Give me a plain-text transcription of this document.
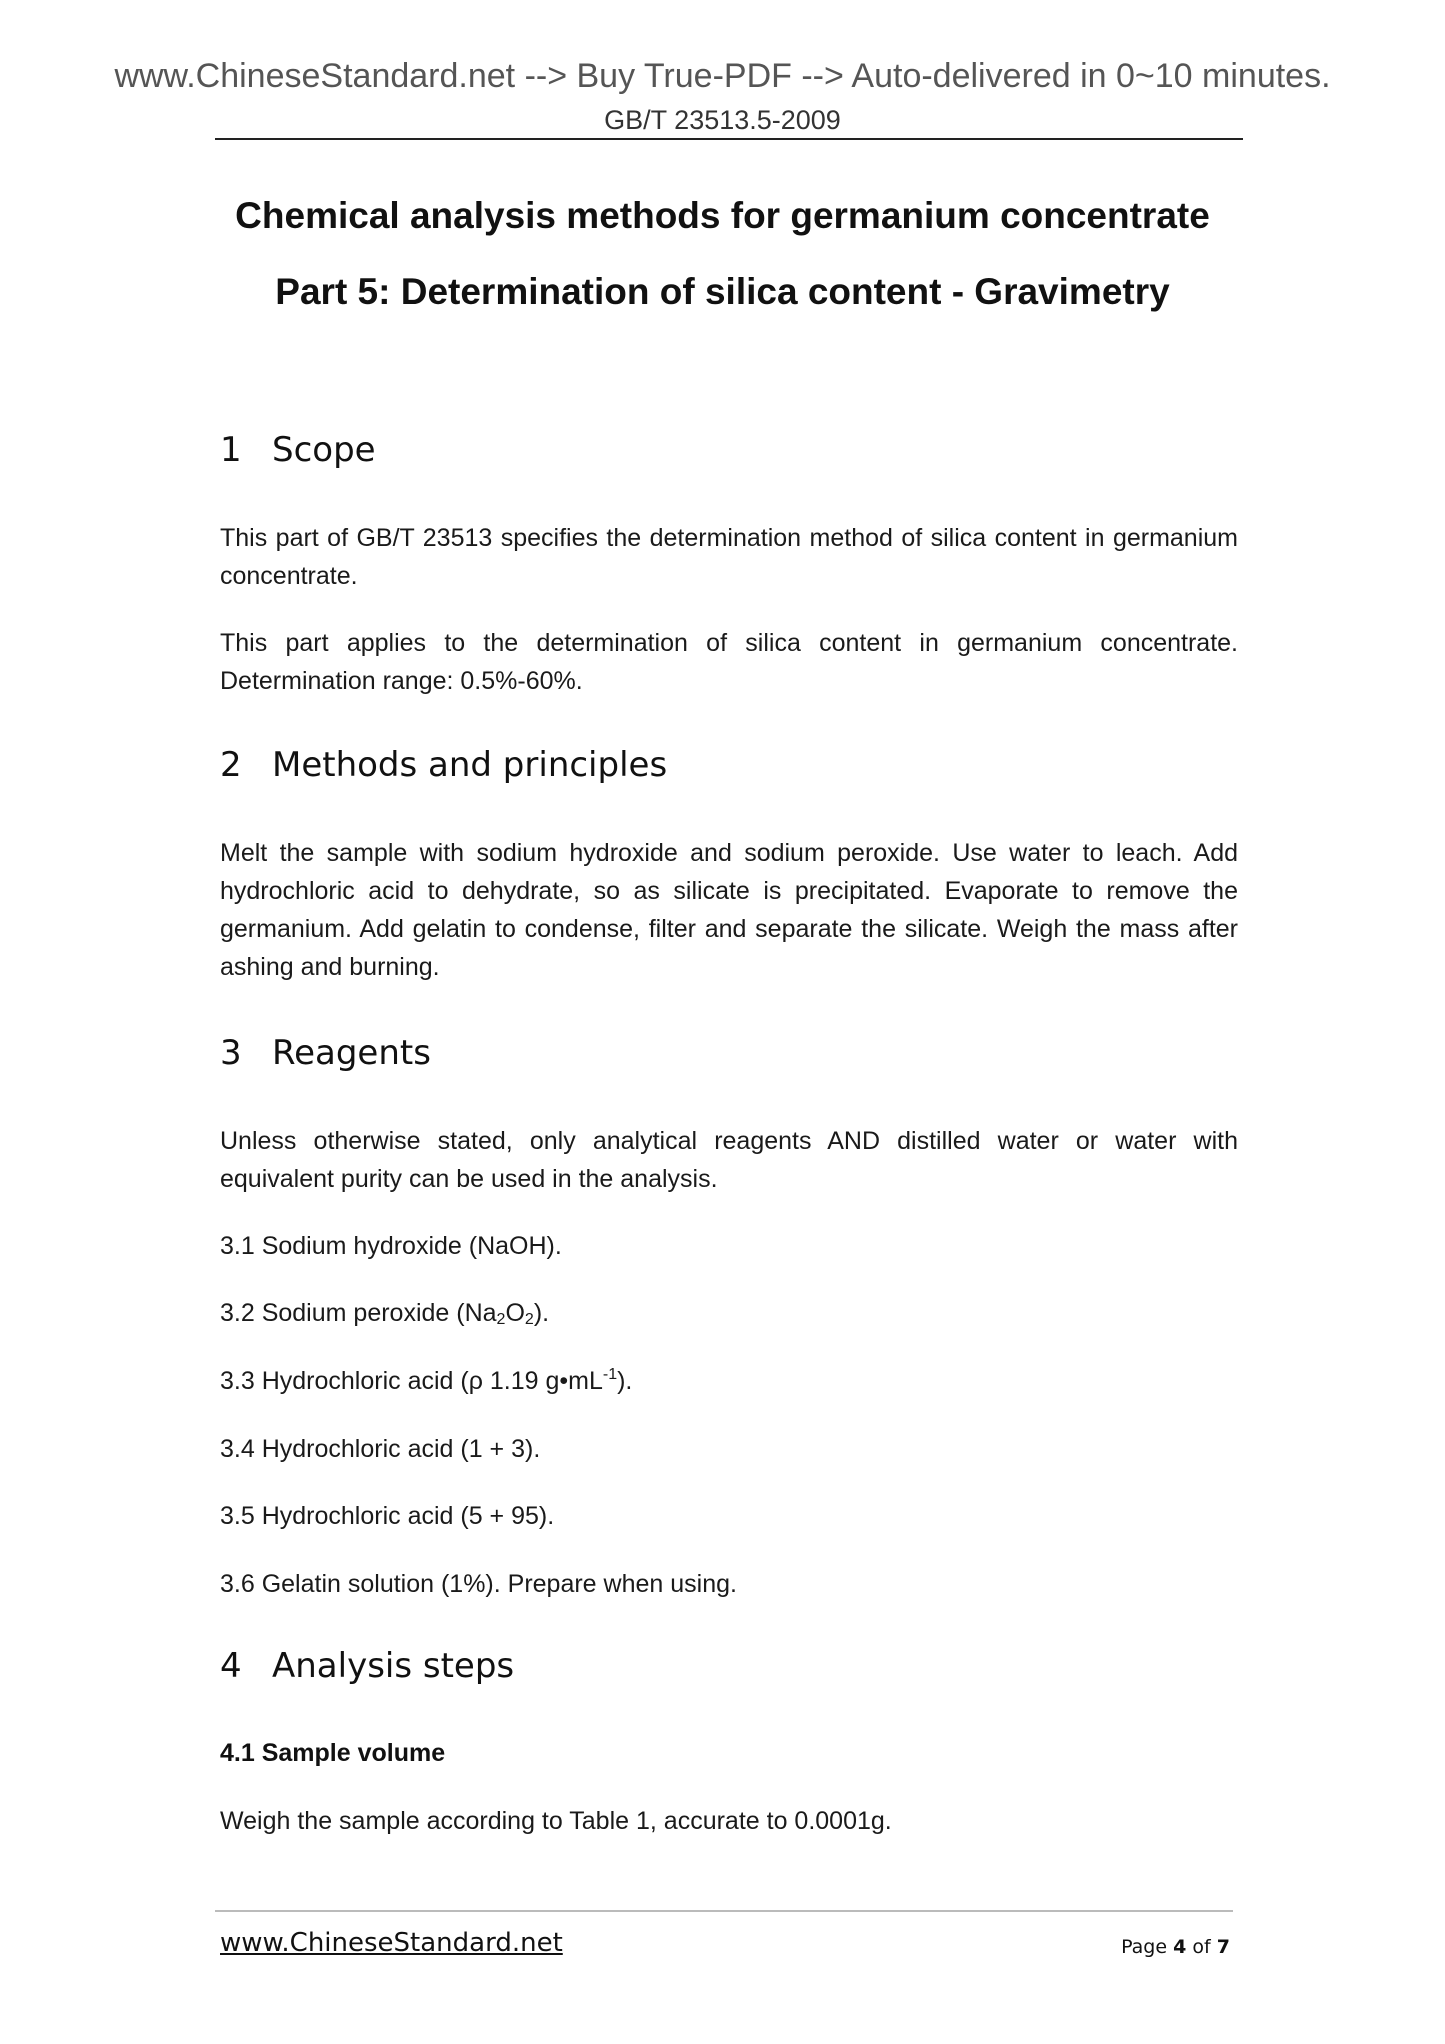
www.ChineseStandard.net --> Buy True-PDF --> Auto-delivered in 0~10 minutes.
GB/T 23513.5-2009
Chemical analysis methods for germanium concentrate
Part 5: Determination of silica content - Gravimetry
1 Scope
This part of GB/T 23513 specifies the determination method of silica content in germanium concentrate.
This part applies to the determination of silica content in germanium concentrate. Determination range: 0.5%-60%.
2 Methods and principles
Melt the sample with sodium hydroxide and sodium peroxide. Use water to leach. Add hydrochloric acid to dehydrate, so as silicate is precipitated. Evaporate to remove the germanium. Add gelatin to condense, filter and separate the silicate. Weigh the mass after ashing and burning.
3 Reagents
Unless otherwise stated, only analytical reagents AND distilled water or water with equivalent purity can be used in the analysis.
3.1 Sodium hydroxide (NaOH).
3.2 Sodium peroxide $(Na_2O_2)$.
3.3 Hydrochloric acid (ρ 1.19 $g•mL^{-1}$).
3.4 Hydrochloric acid (1 + 3).
3.5 Hydrochloric acid (5 + 95).
3.6 Gelatin solution (1%). Prepare when using.
4 Analysis steps
4.1 Sample volume
Weigh the sample according to Table 1, accurate to 0.0001g.
www.ChineseStandard.net	Page 4 of 7
